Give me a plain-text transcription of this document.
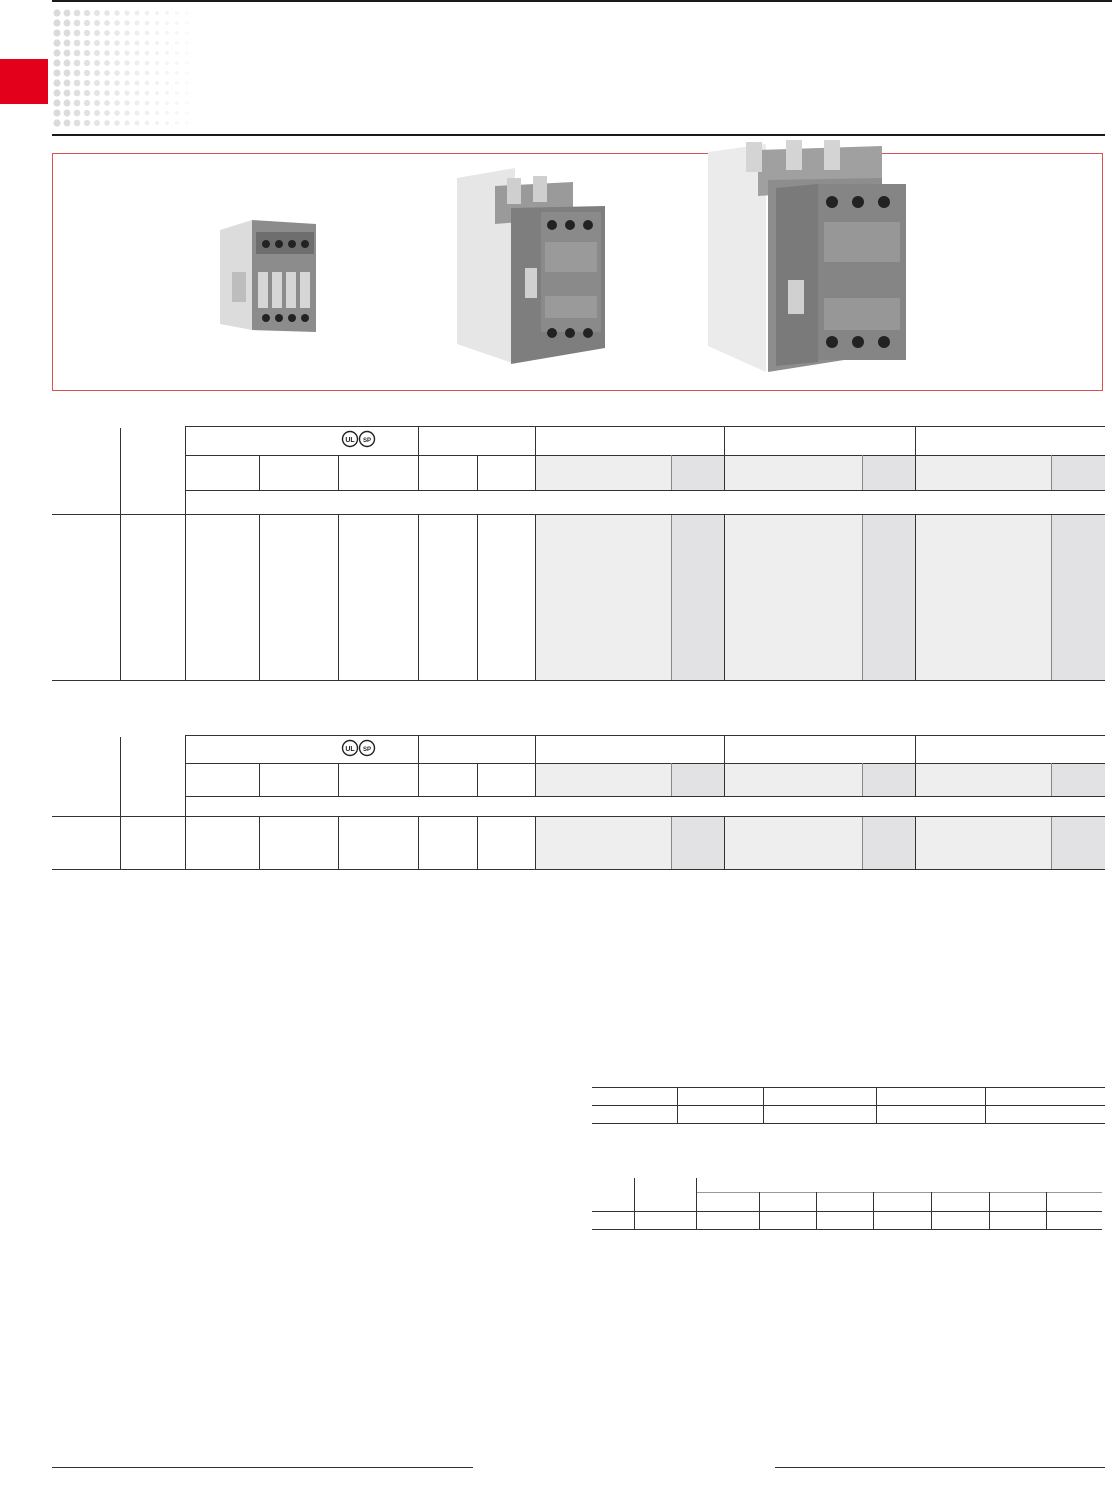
UL SP
UL SP
